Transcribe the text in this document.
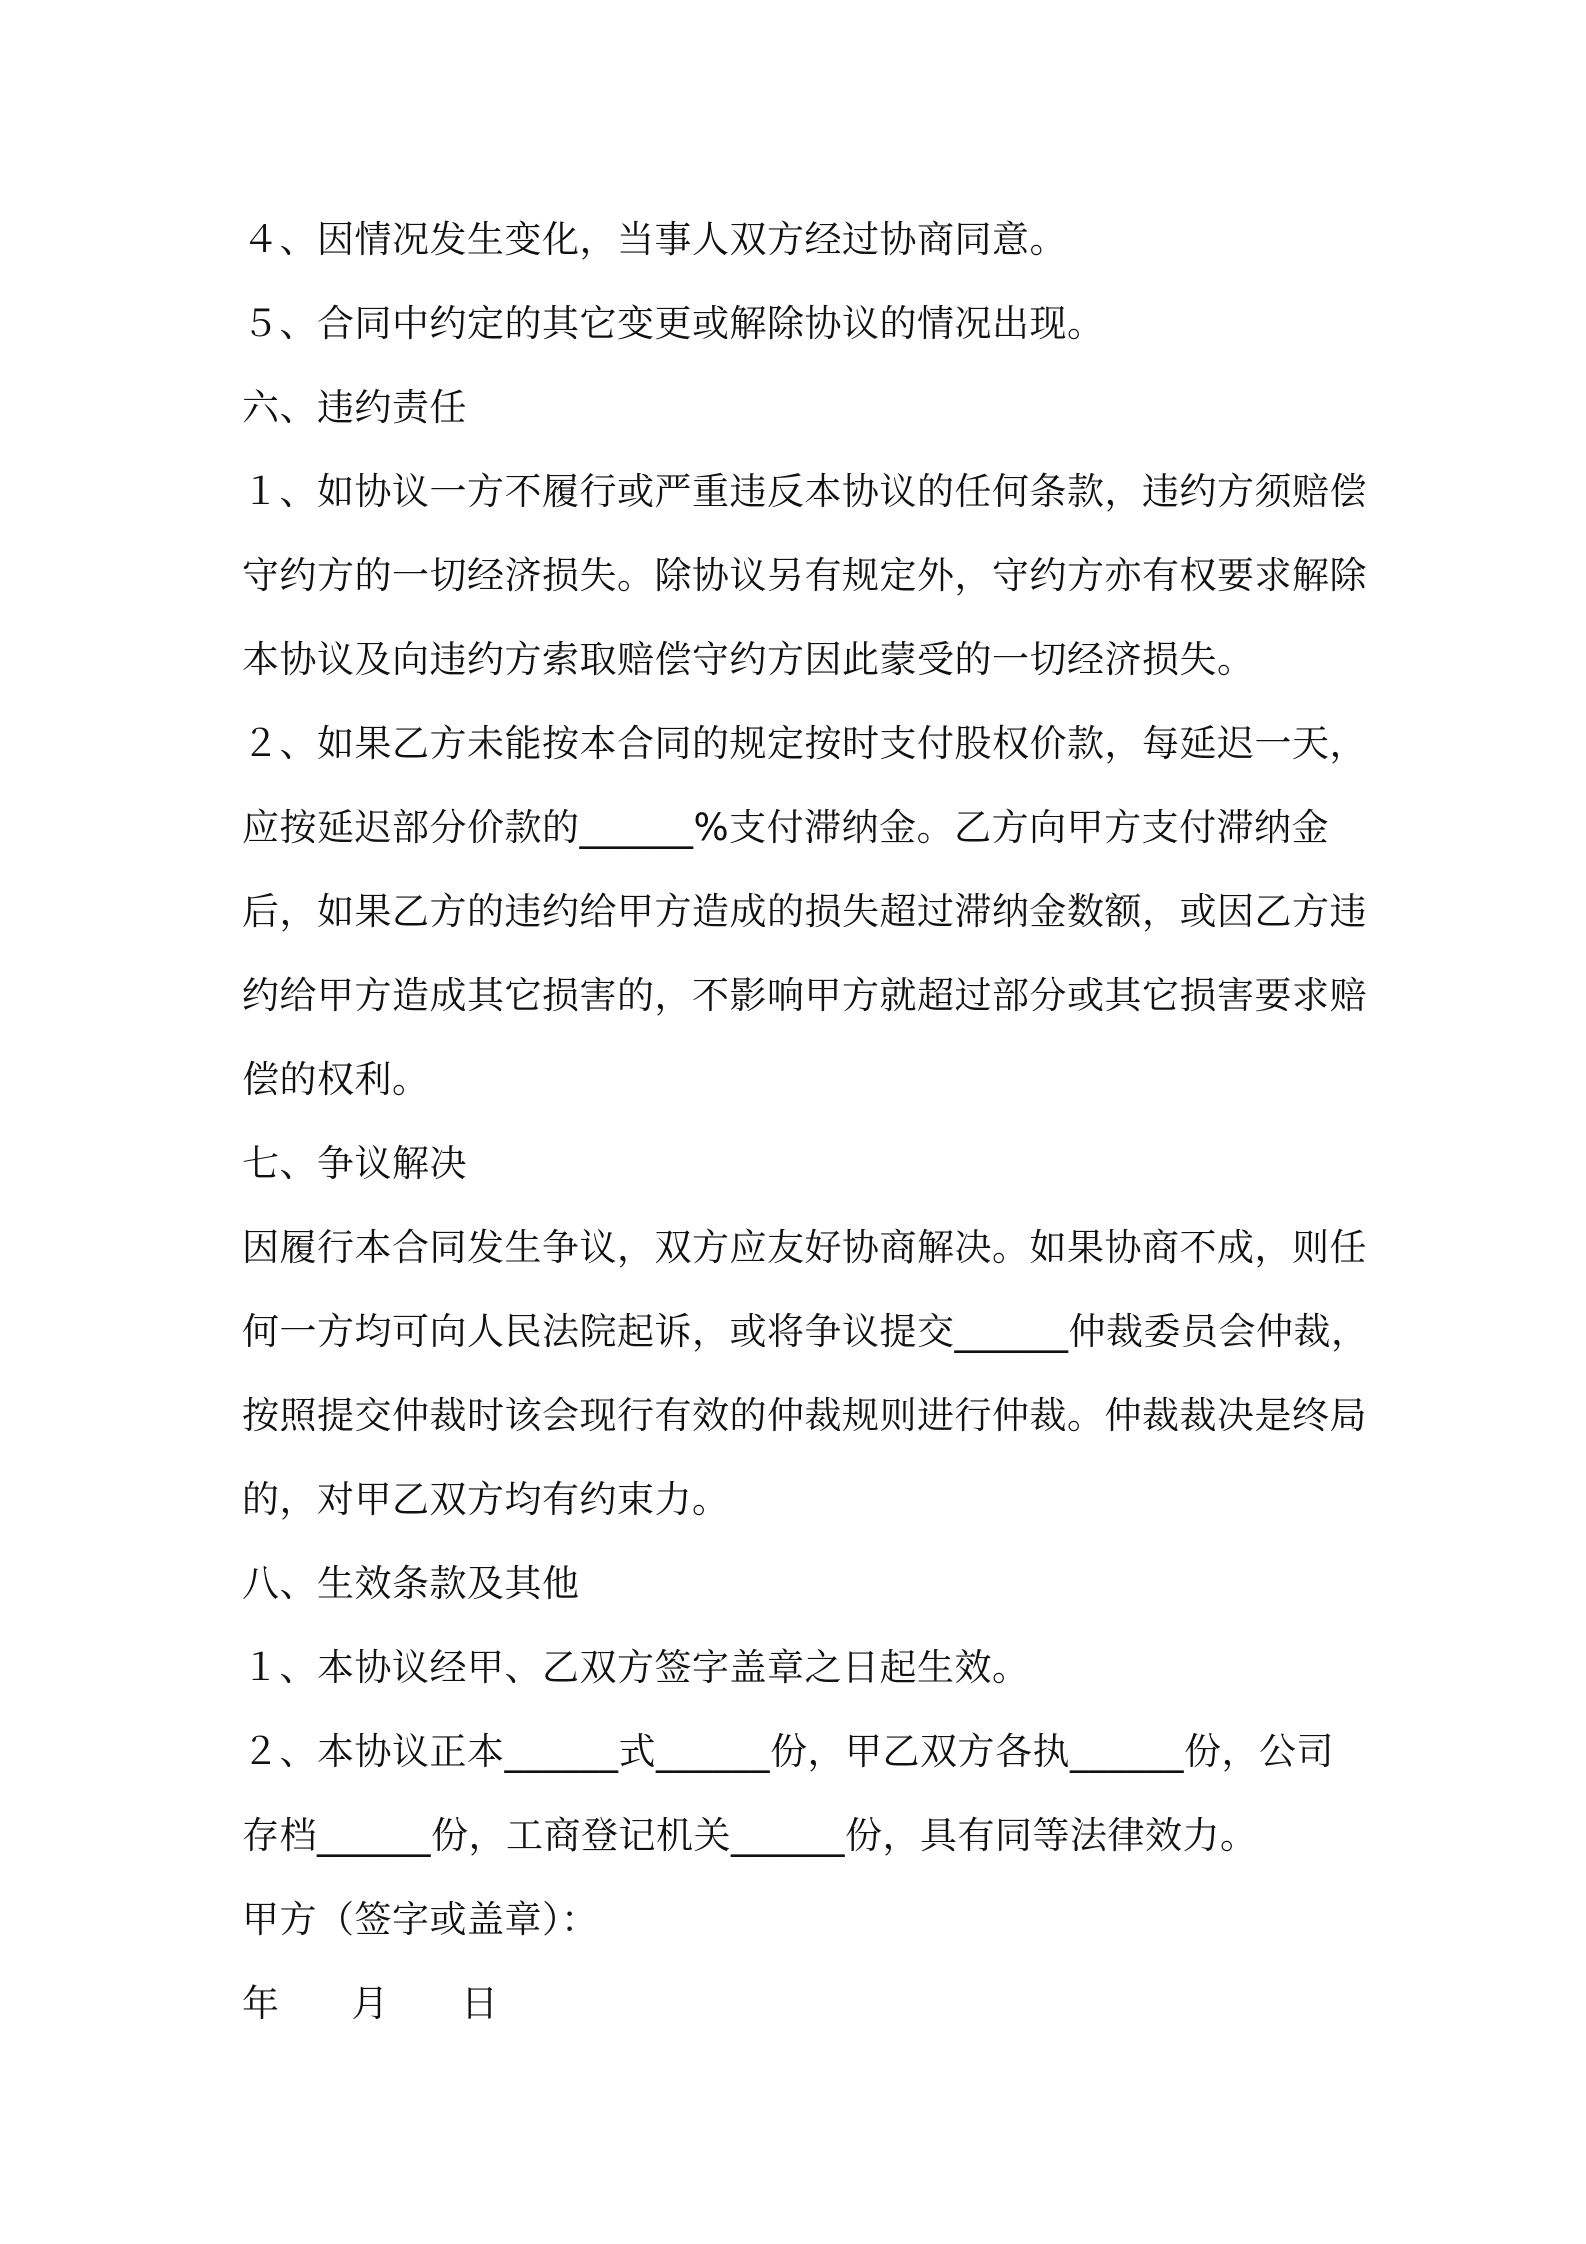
４、因情况发生变化，当事人双方经过协商同意。
５、合同中约定的其它变更或解除协议的情况出现。
六、违约责任
１、如协议一方不履行或严重违反本协议的任何条款，违约方须赔偿
守约方的一切经济损失。除协议另有规定外，守约方亦有权要求解除
本协议及向违约方索取赔偿守约方因此蒙受的一切经济损失。
２、如果乙方未能按本合同的规定按时支付股权价款，每延迟一天，
应按延迟部分价款的______%支付滞纳金。乙方向甲方支付滞纳金
后，如果乙方的违约给甲方造成的损失超过滞纳金数额，或因乙方违
约给甲方造成其它损害的，不影响甲方就超过部分或其它损害要求赔
偿的权利。
七、争议解决
因履行本合同发生争议，双方应友好协商解决。如果协商不成，则任
何一方均可向人民法院起诉，或将争议提交______仲裁委员会仲裁，
按照提交仲裁时该会现行有效的仲裁规则进行仲裁。仲裁裁决是终局
的，对甲乙双方均有约束力。
八、生效条款及其他
１、本协议经甲、乙双方签字盖章之日起生效。
２、本协议正本______式______份，甲乙双方各执______份，公司
存档______份，工商登记机关______份，具有同等法律效力。
甲方（签字或盖章）：
年 月 日
